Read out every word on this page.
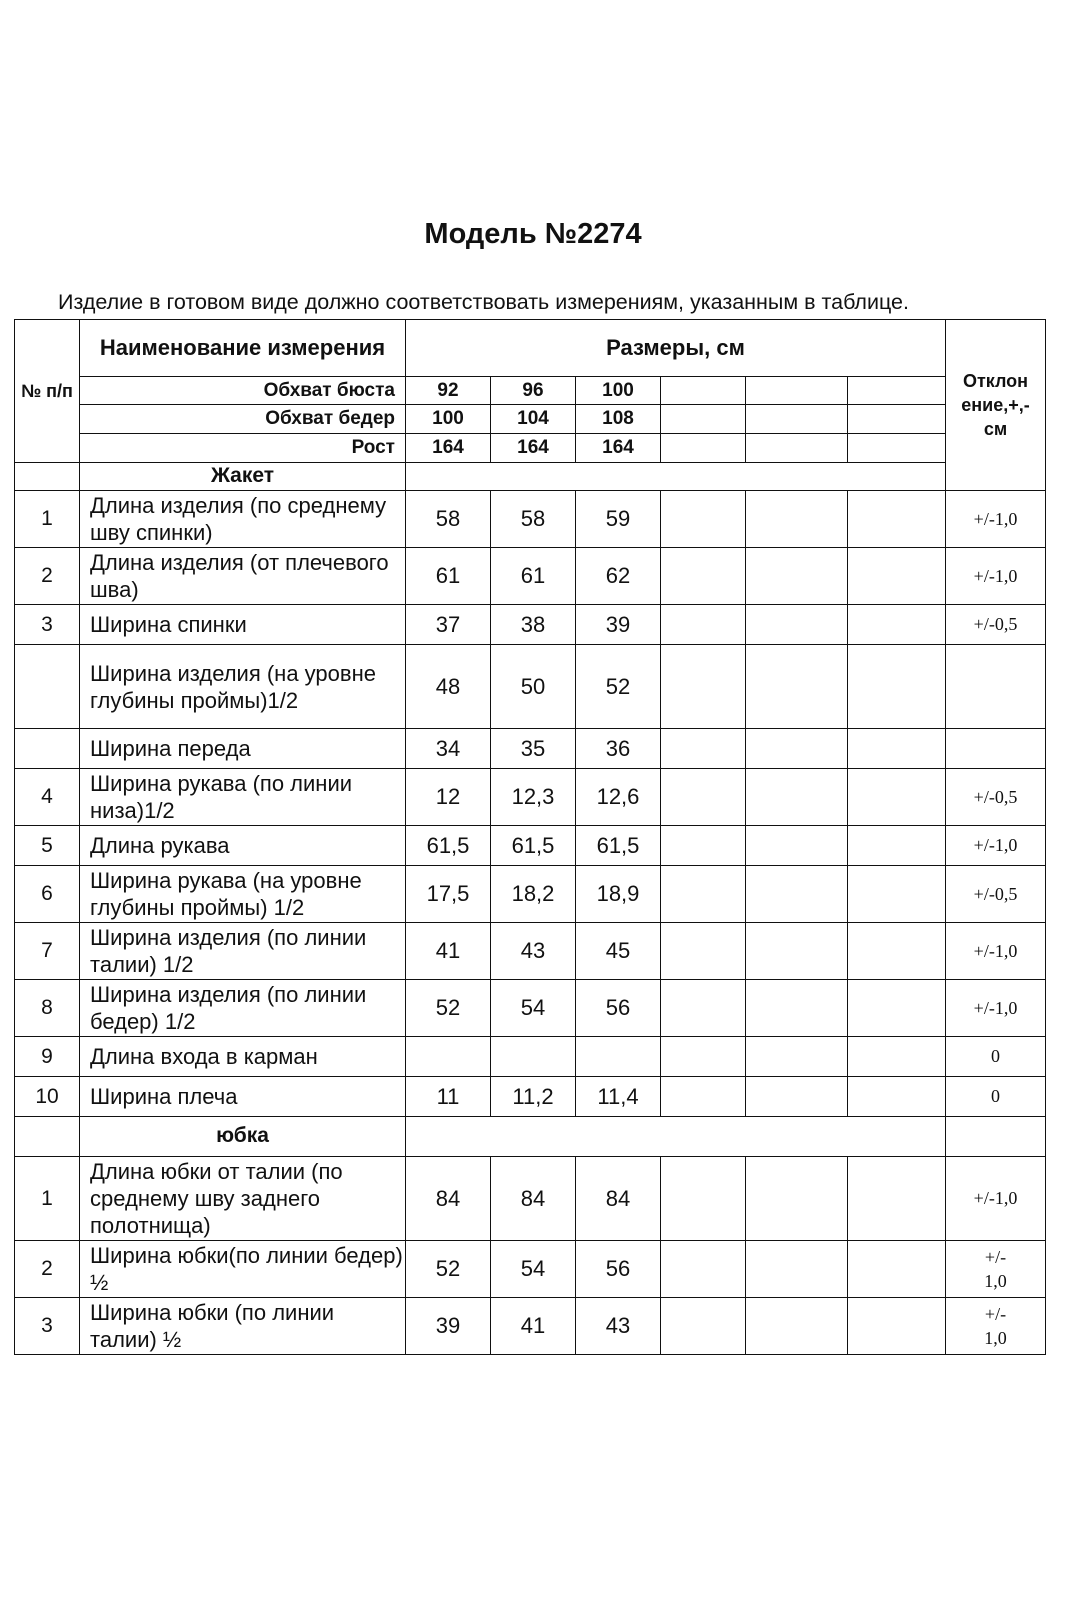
Модель №2274
Изделие в готовом виде должно соответствовать измерениям, указанным в таблице.
№ п/п	Наименование измерения	Размеры, см						Отклон ение,+,- см
	Обхват бюста	92	96	100				
	Обхват бедер	100	104	108				
	Рост	164	164	164				
	Жакет							
1	Длина изделия (по среднему шву спинки)	58	58	59				+/-1,0
2	Длина изделия (от плечевого шва)	61	61	62				+/-1,0
3	Ширина спинки	37	38	39				+/-0,5
	Ширина изделия (на уровне глубины проймы)1/2	48	50	52				
	Ширина переда	34	35	36				
4	Ширина рукава (по линии низа)1/2	12	12,3	12,6				+/-0,5
5	Длина рукава	61,5	61,5	61,5				+/-1,0
6	Ширина рукава (на уровне глубины проймы) 1/2	17,5	18,2	18,9				+/-0,5
7	Ширина изделия (по линии талии) 1/2	41	43	45				+/-1,0
8	Ширина изделия (по линии бедер) 1/2	52	54	56				+/-1,0
9	Длина входа в карман							0
10	Ширина плеча	11	11,2	11,4				0
	юбка							
1	Длина юбки от талии (по среднему шву заднего полотнища)	84	84	84				+/-1,0
2	Ширина юбки(по линии бедер) ½	52	54	56				+/- 1,0
3	Ширина юбки (по линии талии) ½	39	41	43				+/- 1,0
